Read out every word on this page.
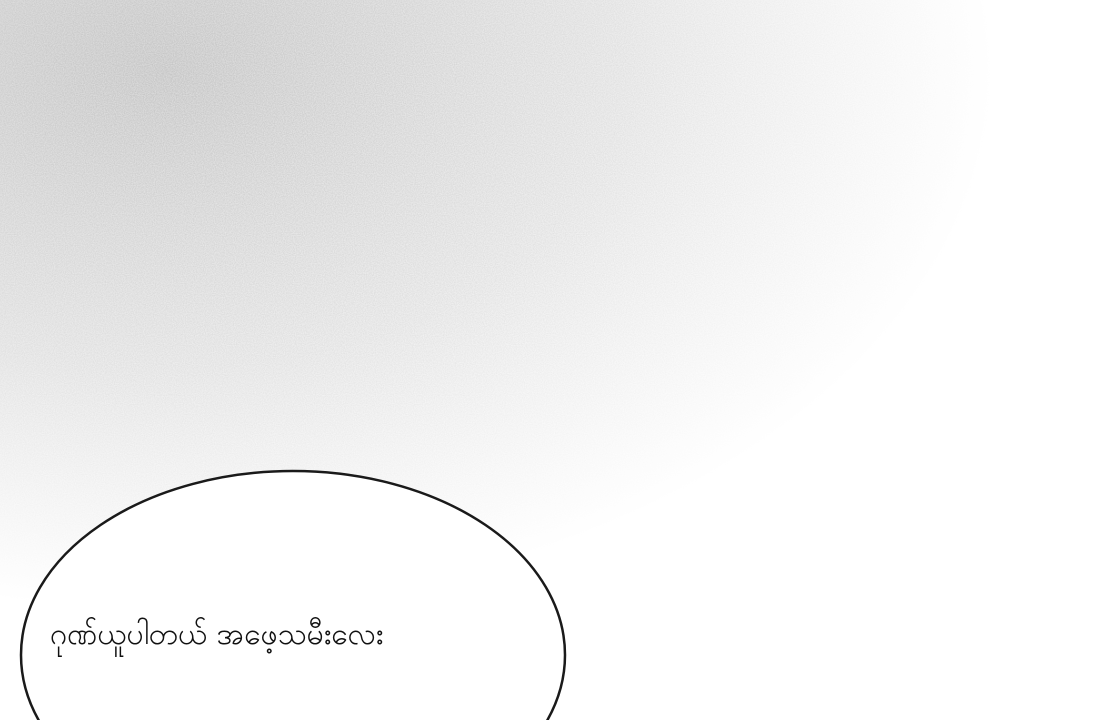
ဂုဏ်ယူပါတယ် အဖေ့သမီးလေး
